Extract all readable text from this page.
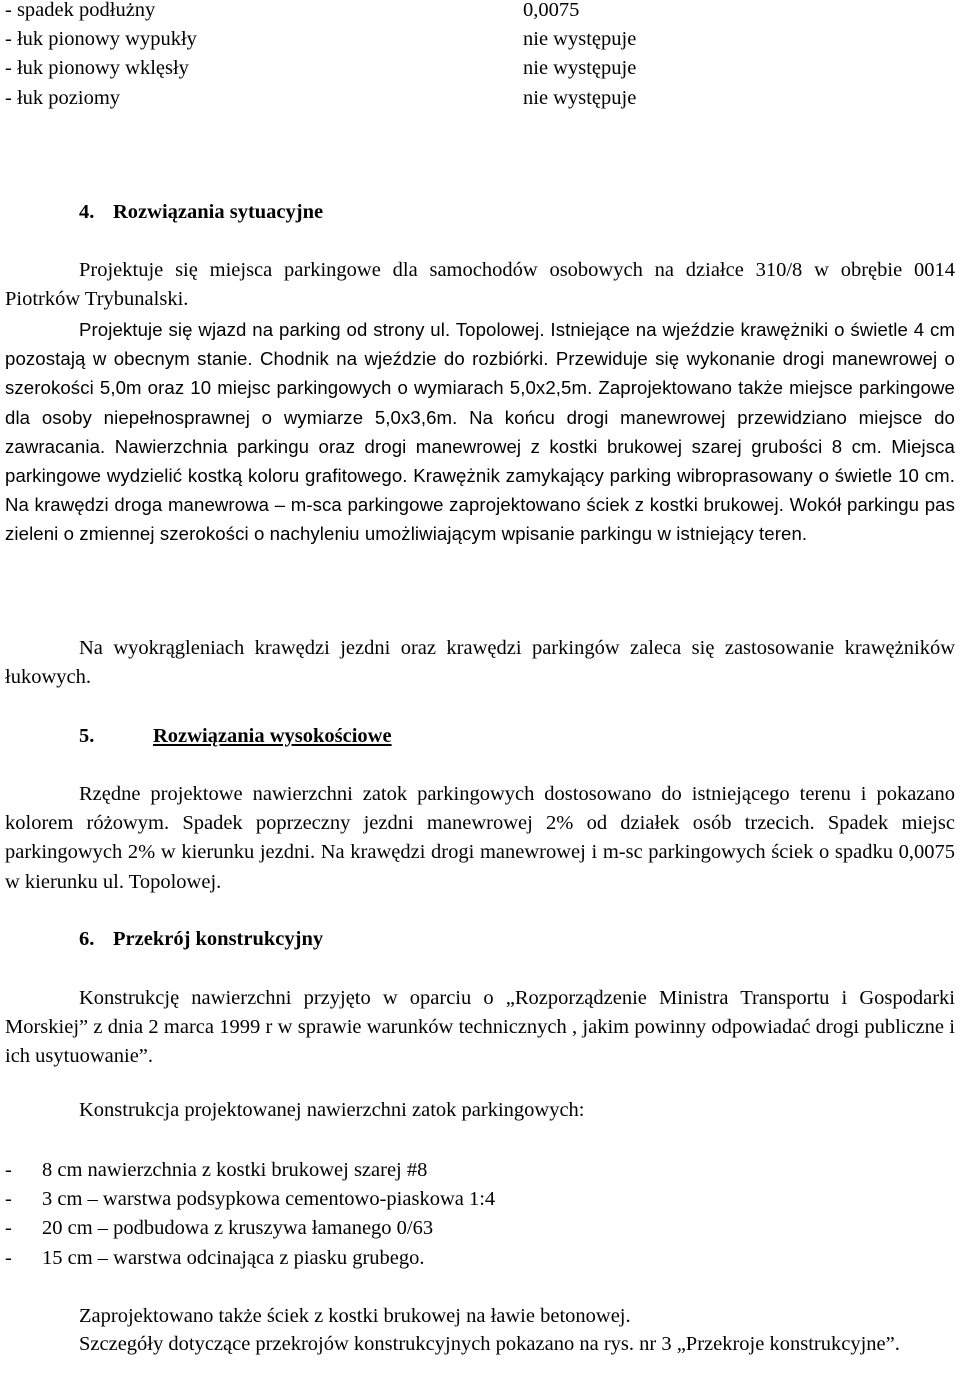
- spadek podłużny	0,0075
- łuk pionowy wypukły	nie występuje
- łuk pionowy wklęsły	nie występuje
- łuk poziomy	nie występuje
4. Rozwiązania sytuacyjne
Projektuje się miejsca parkingowe dla samochodów osobowych na działce 310/8 w obrębie 0014 Piotrków Trybunalski.
Projektuje się wjazd na parking od strony ul. Topolowej. Istniejące na wjeździe krawężniki o świetle 4 cm pozostają w obecnym stanie. Chodnik na wjeździe do rozbiórki. Przewiduje się wykonanie drogi manewrowej o szerokości 5,0m oraz 10 miejsc parkingowych o wymiarach 5,0x2,5m. Zaprojektowano także miejsce parkingowe dla osoby niepełnosprawnej o wymiarze 5,0x3,6m. Na końcu drogi manewrowej przewidziano miejsce do zawracania. Nawierzchnia parkingu oraz drogi manewrowej z kostki brukowej szarej grubości 8 cm. Miejsca parkingowe wydzielić kostką koloru grafitowego. Krawężnik zamykający parking wibroprasowany o świetle 10 cm. Na krawędzi droga manewrowa – m-sca parkingowe zaprojektowano ściek z kostki brukowej. Wokół parkingu pas zieleni o zmiennej szerokości o nachyleniu umożliwiającym wpisanie parkingu w istniejący teren.
Na wyokrągleniach krawędzi jezdni oraz krawędzi parkingów zaleca się zastosowanie krawężników łukowych.
5.	Rozwiązania wysokościowe
Rzędne projektowe nawierzchni zatok parkingowych dostosowano do istniejącego terenu i pokazano kolorem różowym. Spadek poprzeczny jezdni manewrowej 2% od działek osób trzecich. Spadek miejsc parkingowych 2% w kierunku jezdni. Na krawędzi drogi manewrowej i m-sc parkingowych ściek o spadku 0,0075 w kierunku ul. Topolowej.
6. Przekrój konstrukcyjny
Konstrukcję nawierzchni przyjęto w oparciu o „Rozporządzenie Ministra Transportu i Gospodarki Morskiej” z dnia 2 marca 1999 r w sprawie warunków technicznych , jakim powinny odpowiadać drogi publiczne i ich usytuowanie”.
Konstrukcja projektowanej nawierzchni zatok parkingowych:
- 8 cm nawierzchnia z kostki brukowej szarej #8
- 3 cm – warstwa podsypkowa cementowo-piaskowa 1:4
- 20 cm – podbudowa z kruszywa łamanego 0/63
- 15 cm – warstwa odcinająca z piasku grubego.
Zaprojektowano także ściek z kostki brukowej na ławie betonowej.
Szczegóły dotyczące przekrojów konstrukcyjnych pokazano na rys. nr 3 „Przekroje konstrukcyjne”.
